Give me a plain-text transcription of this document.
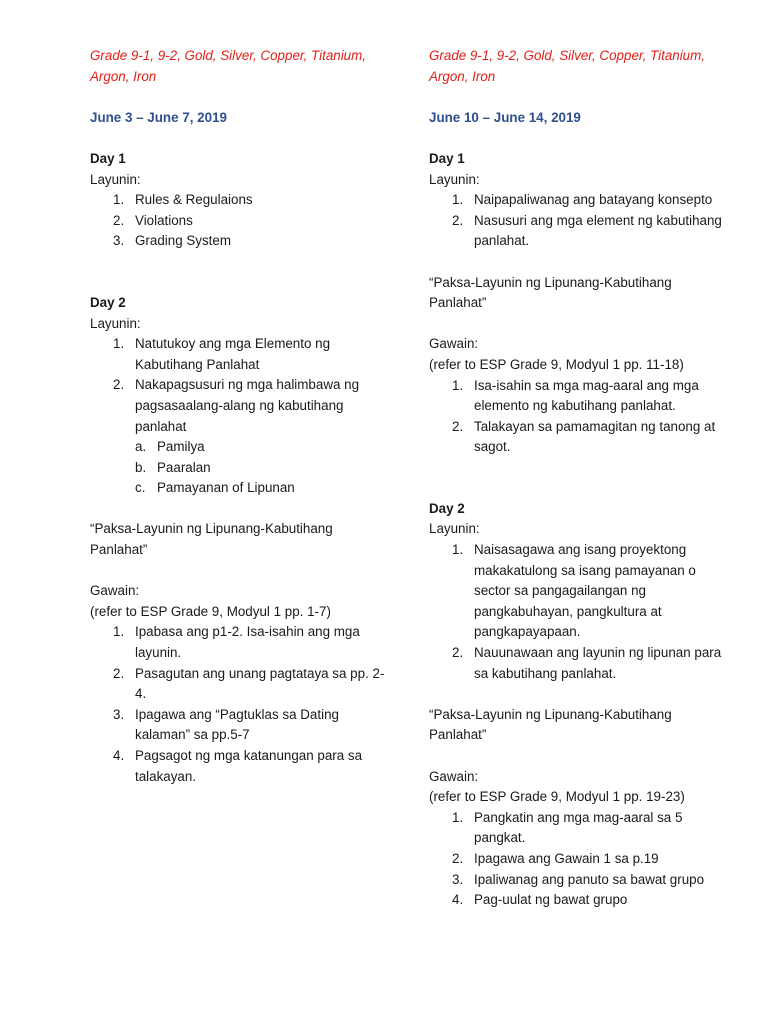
Grade 9-1, 9-2, Gold, Silver, Copper, Titanium, Argon, Iron
June 3 – June 7, 2019
Day 1
Layunin:
1. Rules & Regulaions
2. Violations
3. Grading System
Day 2
Layunin:
1. Natutukoy ang mga Elemento ng Kabutihang Panlahat
2. Nakapagsusuri ng mga halimbawa ng pagsasaalang-alang ng kabutihang panlahat
a. Pamilya
b. Paaralan
c. Pamayanan of Lipunan
“Paksa-Layunin ng Lipunang-Kabutihang Panlahat”
Gawain:
(refer to ESP Grade 9, Modyul 1 pp. 1-7)
1. Ipabasa ang p1-2. Isa-isahin ang mga layunin.
2. Pasagutan ang unang pagtataya sa pp. 2-4.
3. Ipagawa ang “Pagtuklas sa Dating kalaman” sa pp.5-7
4. Pagsagot ng mga katanungan para sa talakayan.
Grade 9-1, 9-2, Gold, Silver, Copper, Titanium, Argon, Iron
June 10 – June 14, 2019
Day 1
Layunin:
1. Naipapaliwanag ang batayang konsepto
2. Nasusuri ang mga element ng kabutihang panlahat.
“Paksa-Layunin ng Lipunang-Kabutihang Panlahat”
Gawain:
(refer to ESP Grade 9, Modyul 1 pp. 11-18)
1. Isa-isahin sa mga mag-aaral ang mga elemento ng kabutihang panlahat.
2. Talakayan sa pamamagitan ng tanong at sagot.
Day 2
Layunin:
1. Naisasagawa ang isang proyektong makakatulong sa isang pamayanan o sector sa pangagailangan ng pangkabuhayan, pangkultura at pangkapayapaan.
2. Nauunawaan ang layunin ng lipunan para sa kabutihang panlahat.
“Paksa-Layunin ng Lipunang-Kabutihang Panlahat”
Gawain:
(refer to ESP Grade 9, Modyul 1 pp. 19-23)
1. Pangkatin ang mga mag-aaral sa 5 pangkat.
2. Ipagawa ang Gawain 1 sa p.19
3. Ipaliwanag ang panuto sa bawat grupo
4. Pag-uulat ng bawat grupo
